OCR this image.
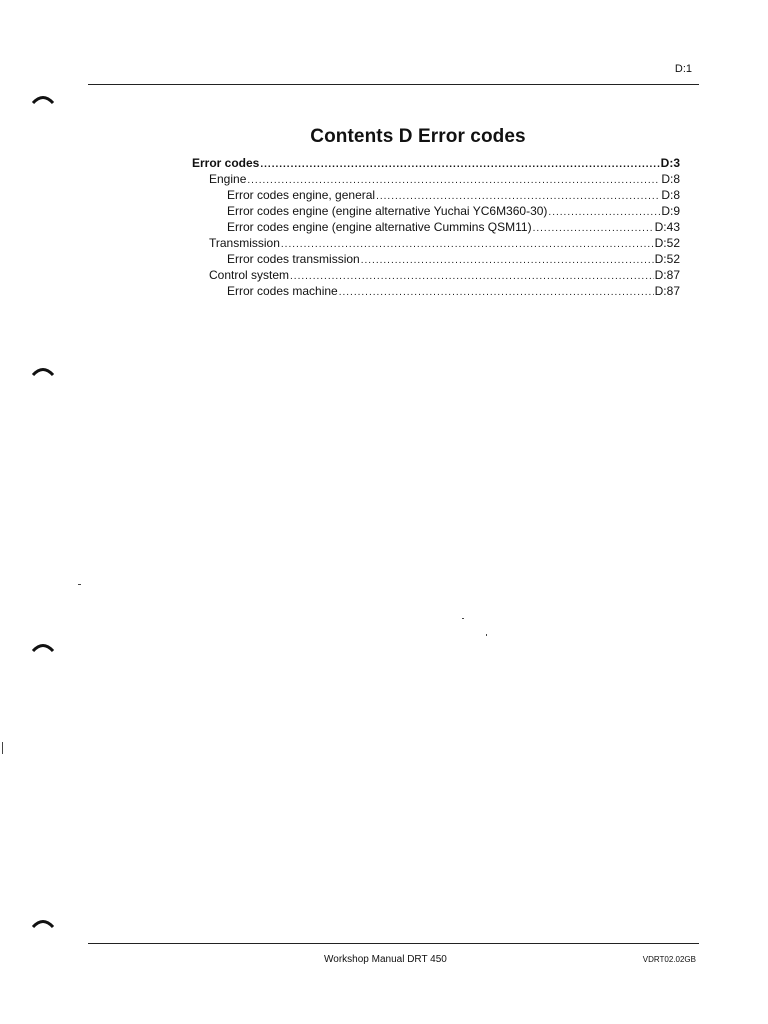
D:1
Contents D Error codes
Error codes .....	D:3
Engine .....	D:8
Error codes engine, general .....	D:8
Error codes engine (engine alternative Yuchai YC6M360-30) .....	D:9
Error codes engine (engine alternative Cummins QSM11) .....	D:43
Transmission .....	D:52
Error codes transmission .....	D:52
Control system .....	D:87
Error codes machine .....	D:87
Workshop Manual DRT 450	VDRT02.02GB
